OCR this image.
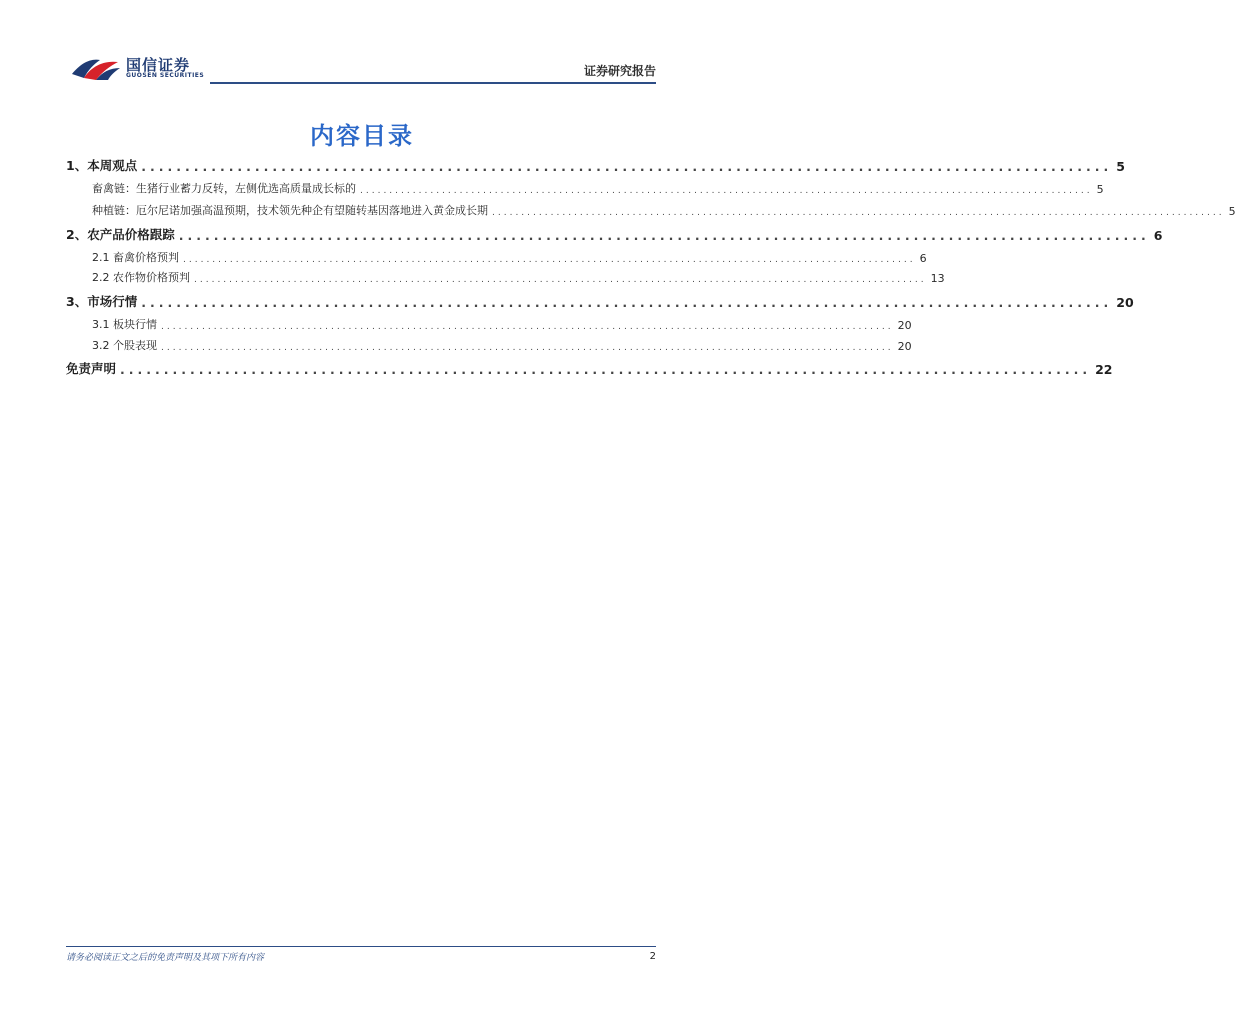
国信证券
GUOSEN SECURITIES	证券研究报告
内容目录
1、本周观点 ............................................................................................................... 5
畜禽链：生猪行业蓄力反转，左侧优选高质量成长标的 ............................................................................................................................. 5
种植链：厄尔尼诺加强高温预期，技术领先种企有望随转基因落地进入黄金成长期 ............................................................................................................................. 5
2、农产品价格跟踪 ............................................................................................................... 6
2.1 畜禽价格预判 ............................................................................................................................. 6
2.2 农作物价格预判 ............................................................................................................................. 13
3、市场行情 ............................................................................................................... 20
3.1 板块行情 ............................................................................................................................. 20
3.2 个股表现 ............................................................................................................................. 20
免责声明 ............................................................................................................... 22
请务必阅读正文之后的免责声明及其项下所有内容	2
